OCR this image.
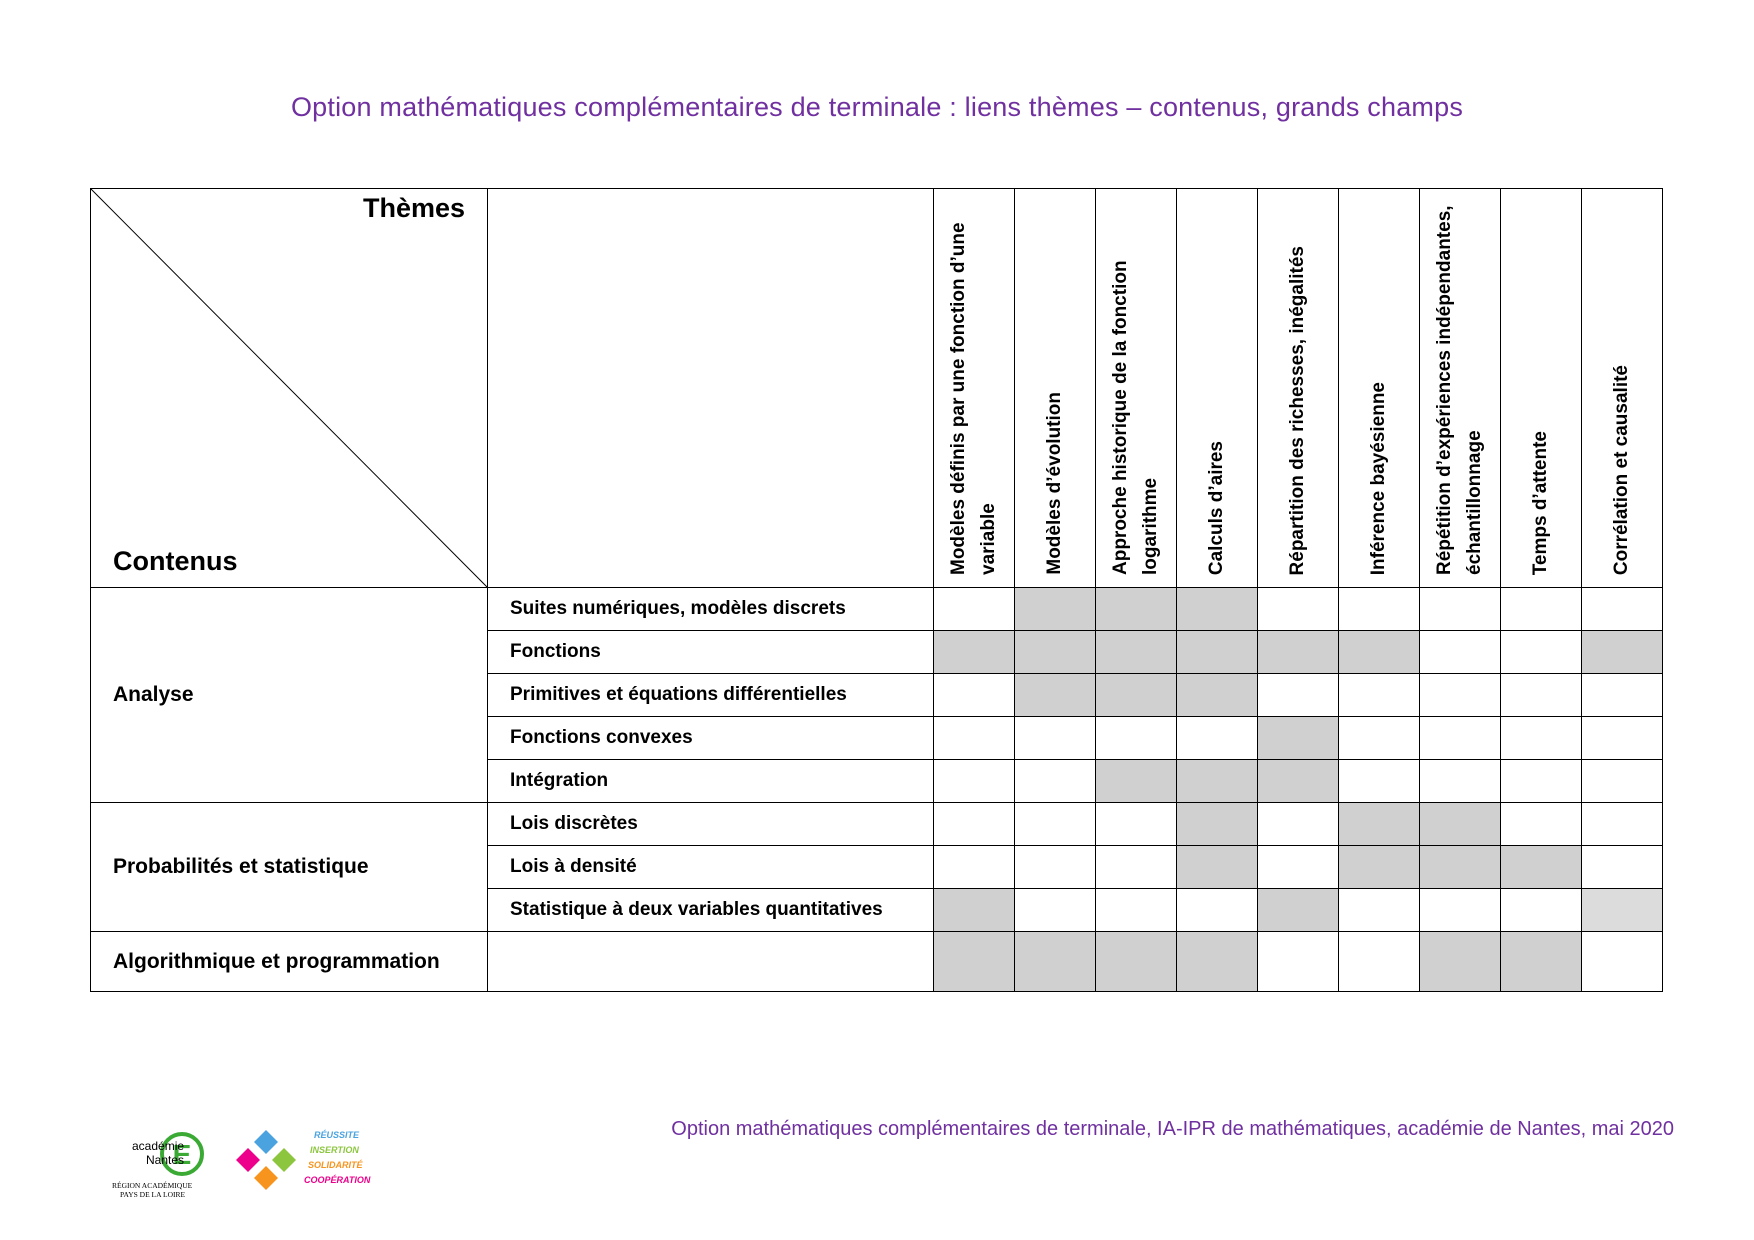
Option mathématiques complémentaires de terminale : liens thèmes – contenus, grands champs
Thèmes
Contenus		Modèles définis par une fonction d’une variable	Modèles d’évolution	Approche historique de la fonction logarithme	Calculs d’aires	Répartition des richesses, inégalités	Inférence bayésienne	Répétition d’expériences indépendantes, échantillonnage	Temps d’attente	Corrélation et causalité

Analyse	Suites numériques, modèles discrets									
	Fonctions									
	Primitives et équations différentielles									
	Fonctions convexes									
	Intégration									
Probabilités et statistique	Lois discrètes									
	Lois à densité									
	Statistique à deux variables quantitatives									
Algorithmique et programmation										
Option mathématiques complémentaires de terminale, IA-IPR de mathématiques, académie de Nantes, mai 2020
E
académie
Nantes
RÉGION ACADÉMIQUE
PAYS DE LA LOIRE
RÉUSSITE
INSERTION
SOLIDARITÉ
COOPÉRATION
